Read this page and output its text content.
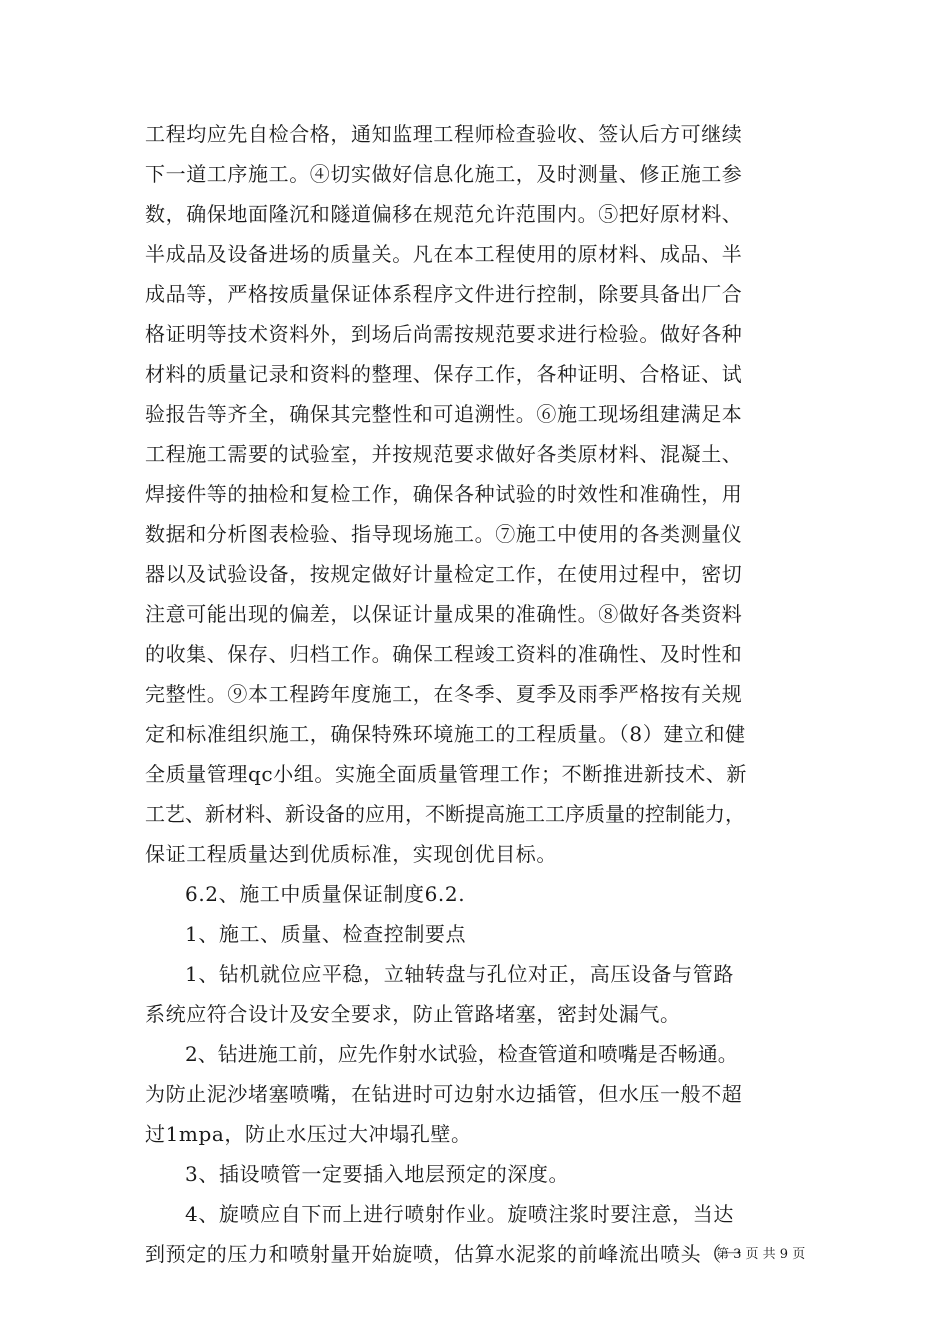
工程均应先自检合格，通知监理工程师检查验收、签认后方可继续
下一道工序施工。④切实做好信息化施工，及时测量、修正施工参
数，确保地面隆沉和隧道偏移在规范允许范围内。⑤把好原材料、
半成品及设备进场的质量关。凡在本工程使用的原材料、成品、半
成品等，严格按质量保证体系程序文件进行控制，除要具备出厂合
格证明等技术资料外，到场后尚需按规范要求进行检验。做好各种
材料的质量记录和资料的整理、保存工作，各种证明、合格证、试
验报告等齐全，确保其完整性和可追溯性。⑥施工现场组建满足本
工程施工需要的试验室，并按规范要求做好各类原材料、混凝土、
焊接件等的抽检和复检工作，确保各种试验的时效性和准确性，用
数据和分析图表检验、指导现场施工。⑦施工中使用的各类测量仪
器以及试验设备，按规定做好计量检定工作，在使用过程中，密切
注意可能出现的偏差，以保证计量成果的准确性。⑧做好各类资料
的收集、保存、归档工作。确保工程竣工资料的准确性、及时性和
完整性。⑨本工程跨年度施工，在冬季、夏季及雨季严格按有关规
定和标准组织施工，确保特殊环境施工的工程质量。（8）建立和健
全质量管理qc小组。实施全面质量管理工作；不断推进新技术、新
工艺、新材料、新设备的应用，不断提高施工工序质量的控制能力，
保证工程质量达到优质标准，实现创优目标。
6.2、施工中质量保证制度6.2.
1、施工、质量、检查控制要点
1、钻机就位应平稳，立轴转盘与孔位对正，高压设备与管路
系统应符合设计及安全要求，防止管路堵塞，密封处漏气。
2、钻进施工前，应先作射水试验，检查管道和喷嘴是否畅通。
为防止泥沙堵塞喷嘴，在钻进时可边射水边插管，但水压一般不超
过1mpa，防止水压过大冲塌孔壁。
3、插设喷管一定要插入地层预定的深度。
4、旋喷应自下而上进行喷射作业。旋喷注浆时要注意，当达
到预定的压力和喷射量开始旋喷，估算水泥浆的前峰流出喷头（一
第 3 页 共 9 页
